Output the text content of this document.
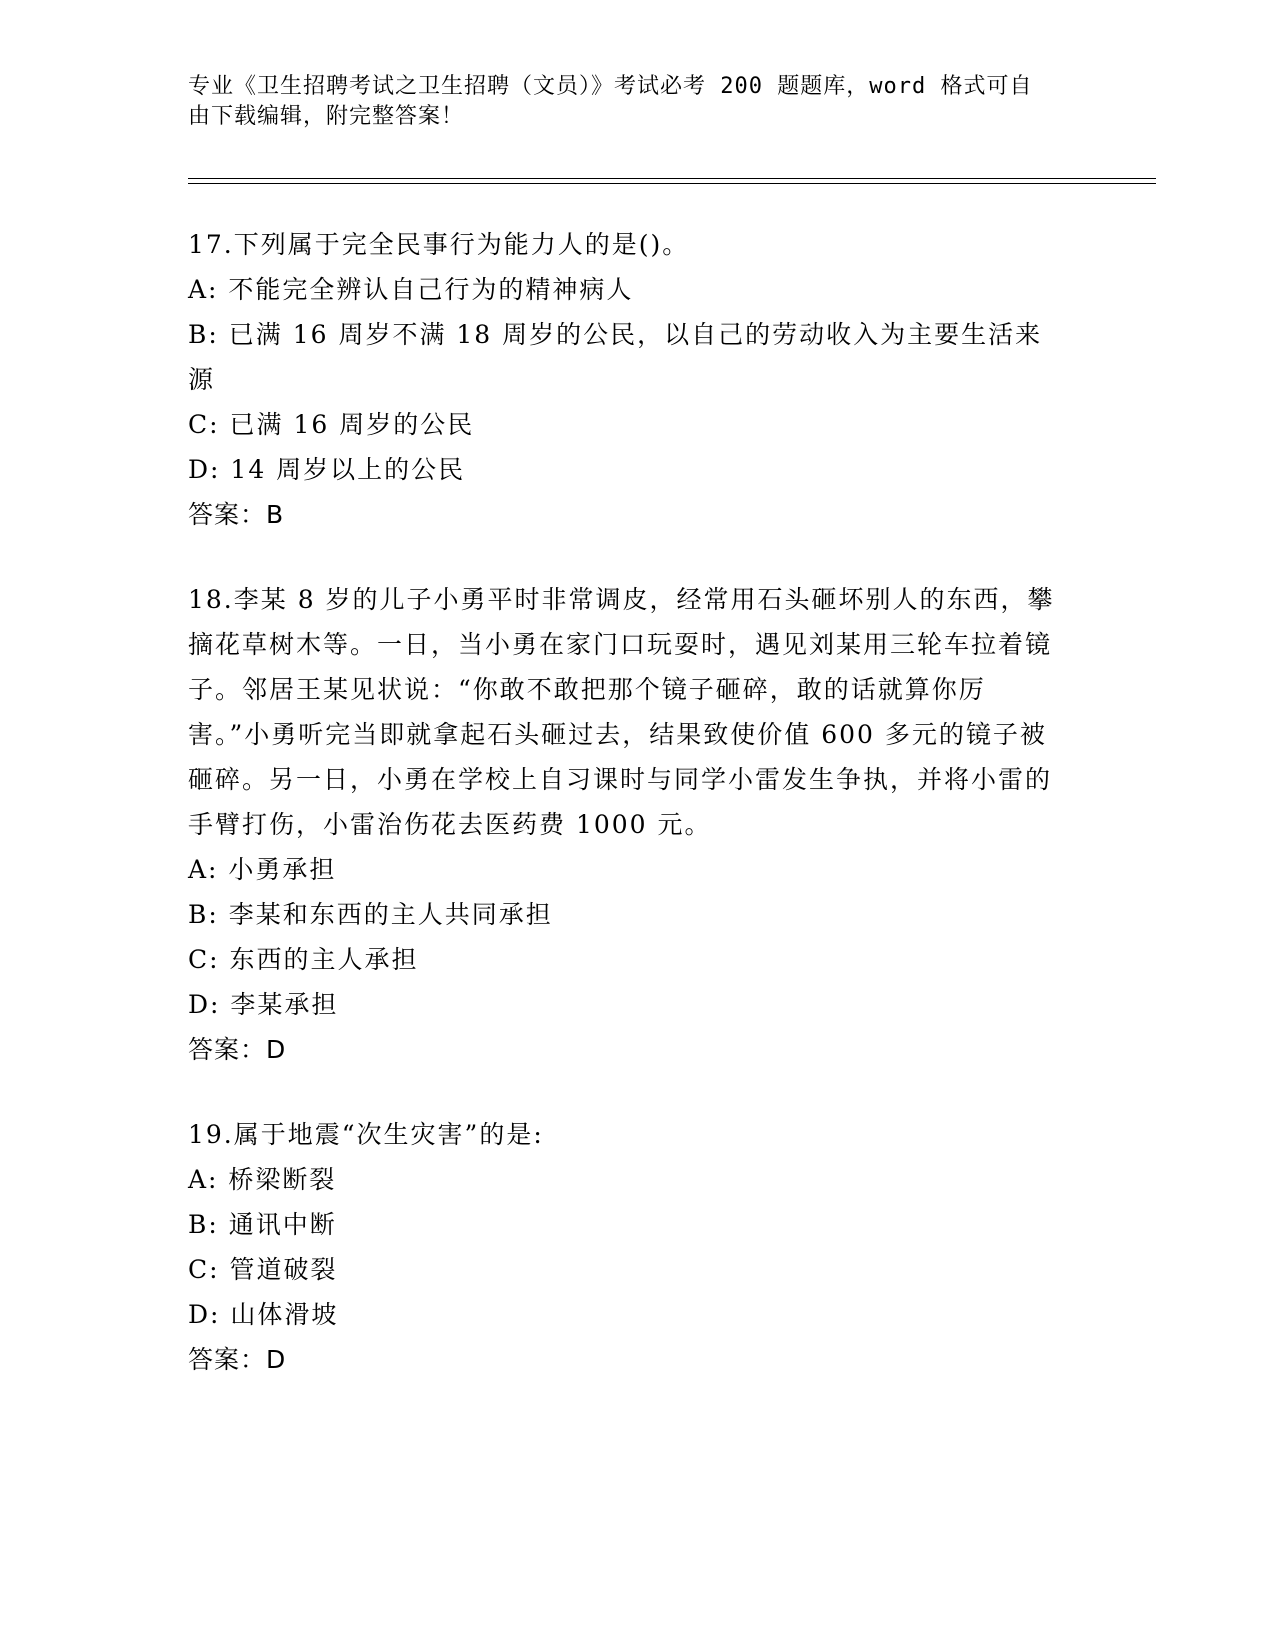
专业《卫生招聘考试之卫生招聘（文员）》考试必考 200 题题库，word 格式可自
由下载编辑，附完整答案！
17.下列属于完全民事行为能力人的是()。
A: 不能完全辨认自己行为的精神病人
B: 已满 16 周岁不满 18 周岁的公民，以自己的劳动收入为主要生活来源
C: 已满 16 周岁的公民
D: 14 周岁以上的公民
答案：B
18.李某 8 岁的儿子小勇平时非常调皮，经常用石头砸坏别人的东西，攀摘花草树木等。一日，当小勇在家门口玩耍时，遇见刘某用三轮车拉着镜子。邻居王某见状说：“你敢不敢把那个镜子砸碎，敢的话就算你厉害。”小勇听完当即就拿起石头砸过去，结果致使价值 600 多元的镜子被砸碎。另一日，小勇在学校上自习课时与同学小雷发生争执，并将小雷的手臂打伤，小雷治伤花去医药费 1000 元。
A: 小勇承担
B: 李某和东西的主人共同承担
C: 东西的主人承担
D: 李某承担
答案：D
19.属于地震“次生灾害”的是:
A: 桥梁断裂
B: 通讯中断
C: 管道破裂
D: 山体滑坡
答案：D
